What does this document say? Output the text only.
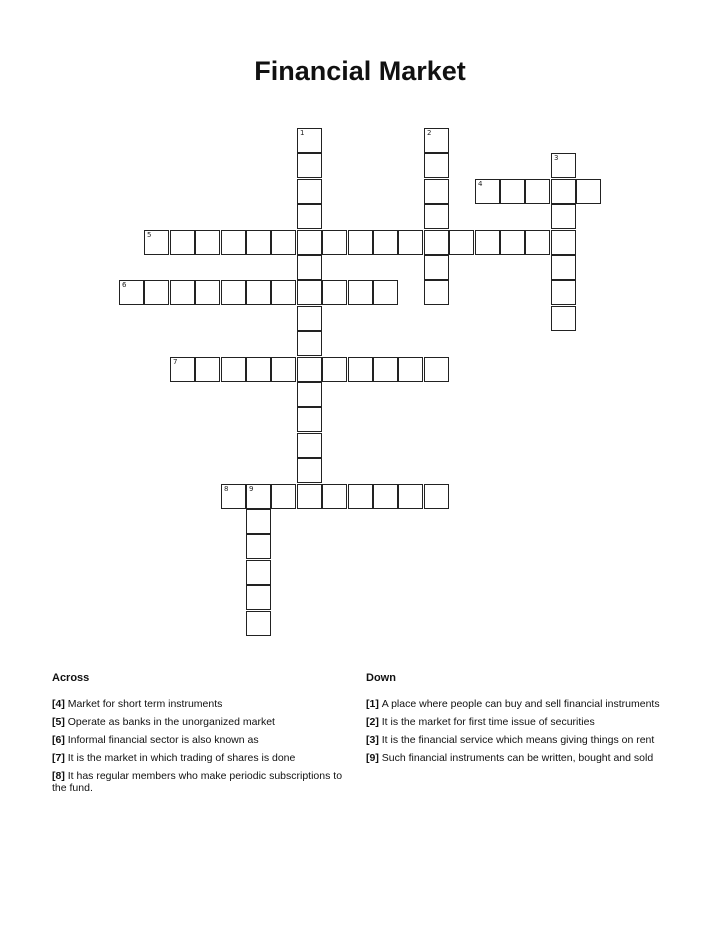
Financial Market
1	2
3
4
5
6
7
8	9
Across
[4] Market for short term instruments
[5] Operate as banks in the unorganized market
[6] Informal financial sector is also known as
[7] It is the market in which trading of shares is done
[8] It has regular members who make periodic subscriptions to the fund.
Down
[1] A place where people can buy and sell financial instruments
[2] It is the market for first time issue of securities
[3] It is the financial service which means giving things on rent
[9] Such financial instruments can be written, bought and sold
